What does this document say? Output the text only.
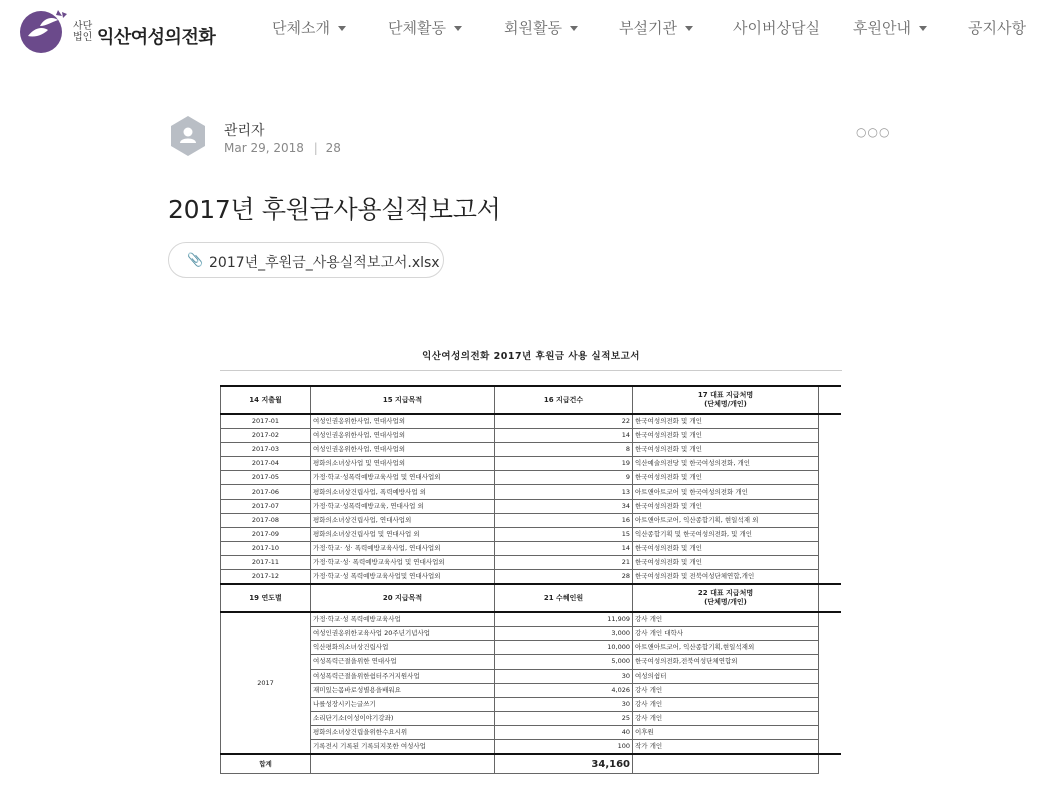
사단법인 익산여성의전화	단체소개	단체활동	회원활동	부설기관	사이버상담실 후원안내	공지사항
관리자
Mar 29, 2018 | 28
○○○
2017년 후원금사용실적보고서
📎 2017년_후원금_사용실적보고서.xlsx
익산여성의전화 2017년 후원금 사용 실적보고서
14 지출월	15 지급목적	16 지급건수	17 대표 지급처명
(단체명/개인)	
2017-01	여성인권옹위한사업, 연대사업외	22	한국여성의전화 및 개인	
2017-02	여성인권옹위한사업, 연대사업외	14	한국여성의전화 및 개인	
2017-03	여성인권옹위한사업, 연대사업외	8	한국여성의전화 및 개인	
2017-04	평화의소녀상사업 및 연대사업외	19	익산예술의전당 및 한국여성의전화, 개인	
2017-05	가정·학교·성폭력예방교육사업 및 연대사업외	9	한국여성의전화 및 개인	
2017-06	평화의소녀상건립사업, 폭력예방사업 외	13	아트앤아트코어 및 한국여성의전화 개인	
2017-07	가정·학교·성폭력예방교육, 연대사업 외	34	한국여성의전화 및 개인	
2017-08	평화의소녀상건립사업, 연대사업외	16	아트앤아트코어, 익산종합기획, 현일석재 외	
2017-09	평화의소녀상건립사업 및 연대사업 외	15	익산종합기획 및 한국여성의전화, 및 개인	
2017-10	가정·학교· 성· 폭력예방교육사업, 연대사업외	14	한국여성의전화 및 개인	
2017-11	가정·학교·성· 폭력예방교육사업 및 연대사업외	21	한국여성의전화 및 개인	
2017-12	가정·학교·성 폭력예방교육사업및 연대사업외	28	한국여성의전화 및 전북여성단체연합,개인	
19 연도별	20 지급목적	21 수혜인원	22 대표 지급처명
(단체명/개인)	
2017	가정·학교·성 폭력예방교육사업	11,909	강사 개인	
	여성인권옹위한교육사업 20주년기념사업	3,000	강사 개인 대학사	
	익산평화의소녀상건립사업	10,000	아트앤아트코어, 익산종합기획,현일석재외	
	여성폭력근절을위한 연대사업	5,000	한국여성의전화,전북여성단체연합외	
	여성폭력근절을위한쉼터주거지원사업	30	여성의쉼터	
	재미있는몸바로성별용을배워요	4,026	강사 개인	
	나를성장시키는글쓰기	30	강사 개인	
	소리단기소(이성이야기강좌)	25	강사 개인	
	평화의소녀상건립을위한수요시위	40	이후원	
	기록전시 기록된 기록되지못한 여성사업	100	작가 개인	
합계		34,160		
